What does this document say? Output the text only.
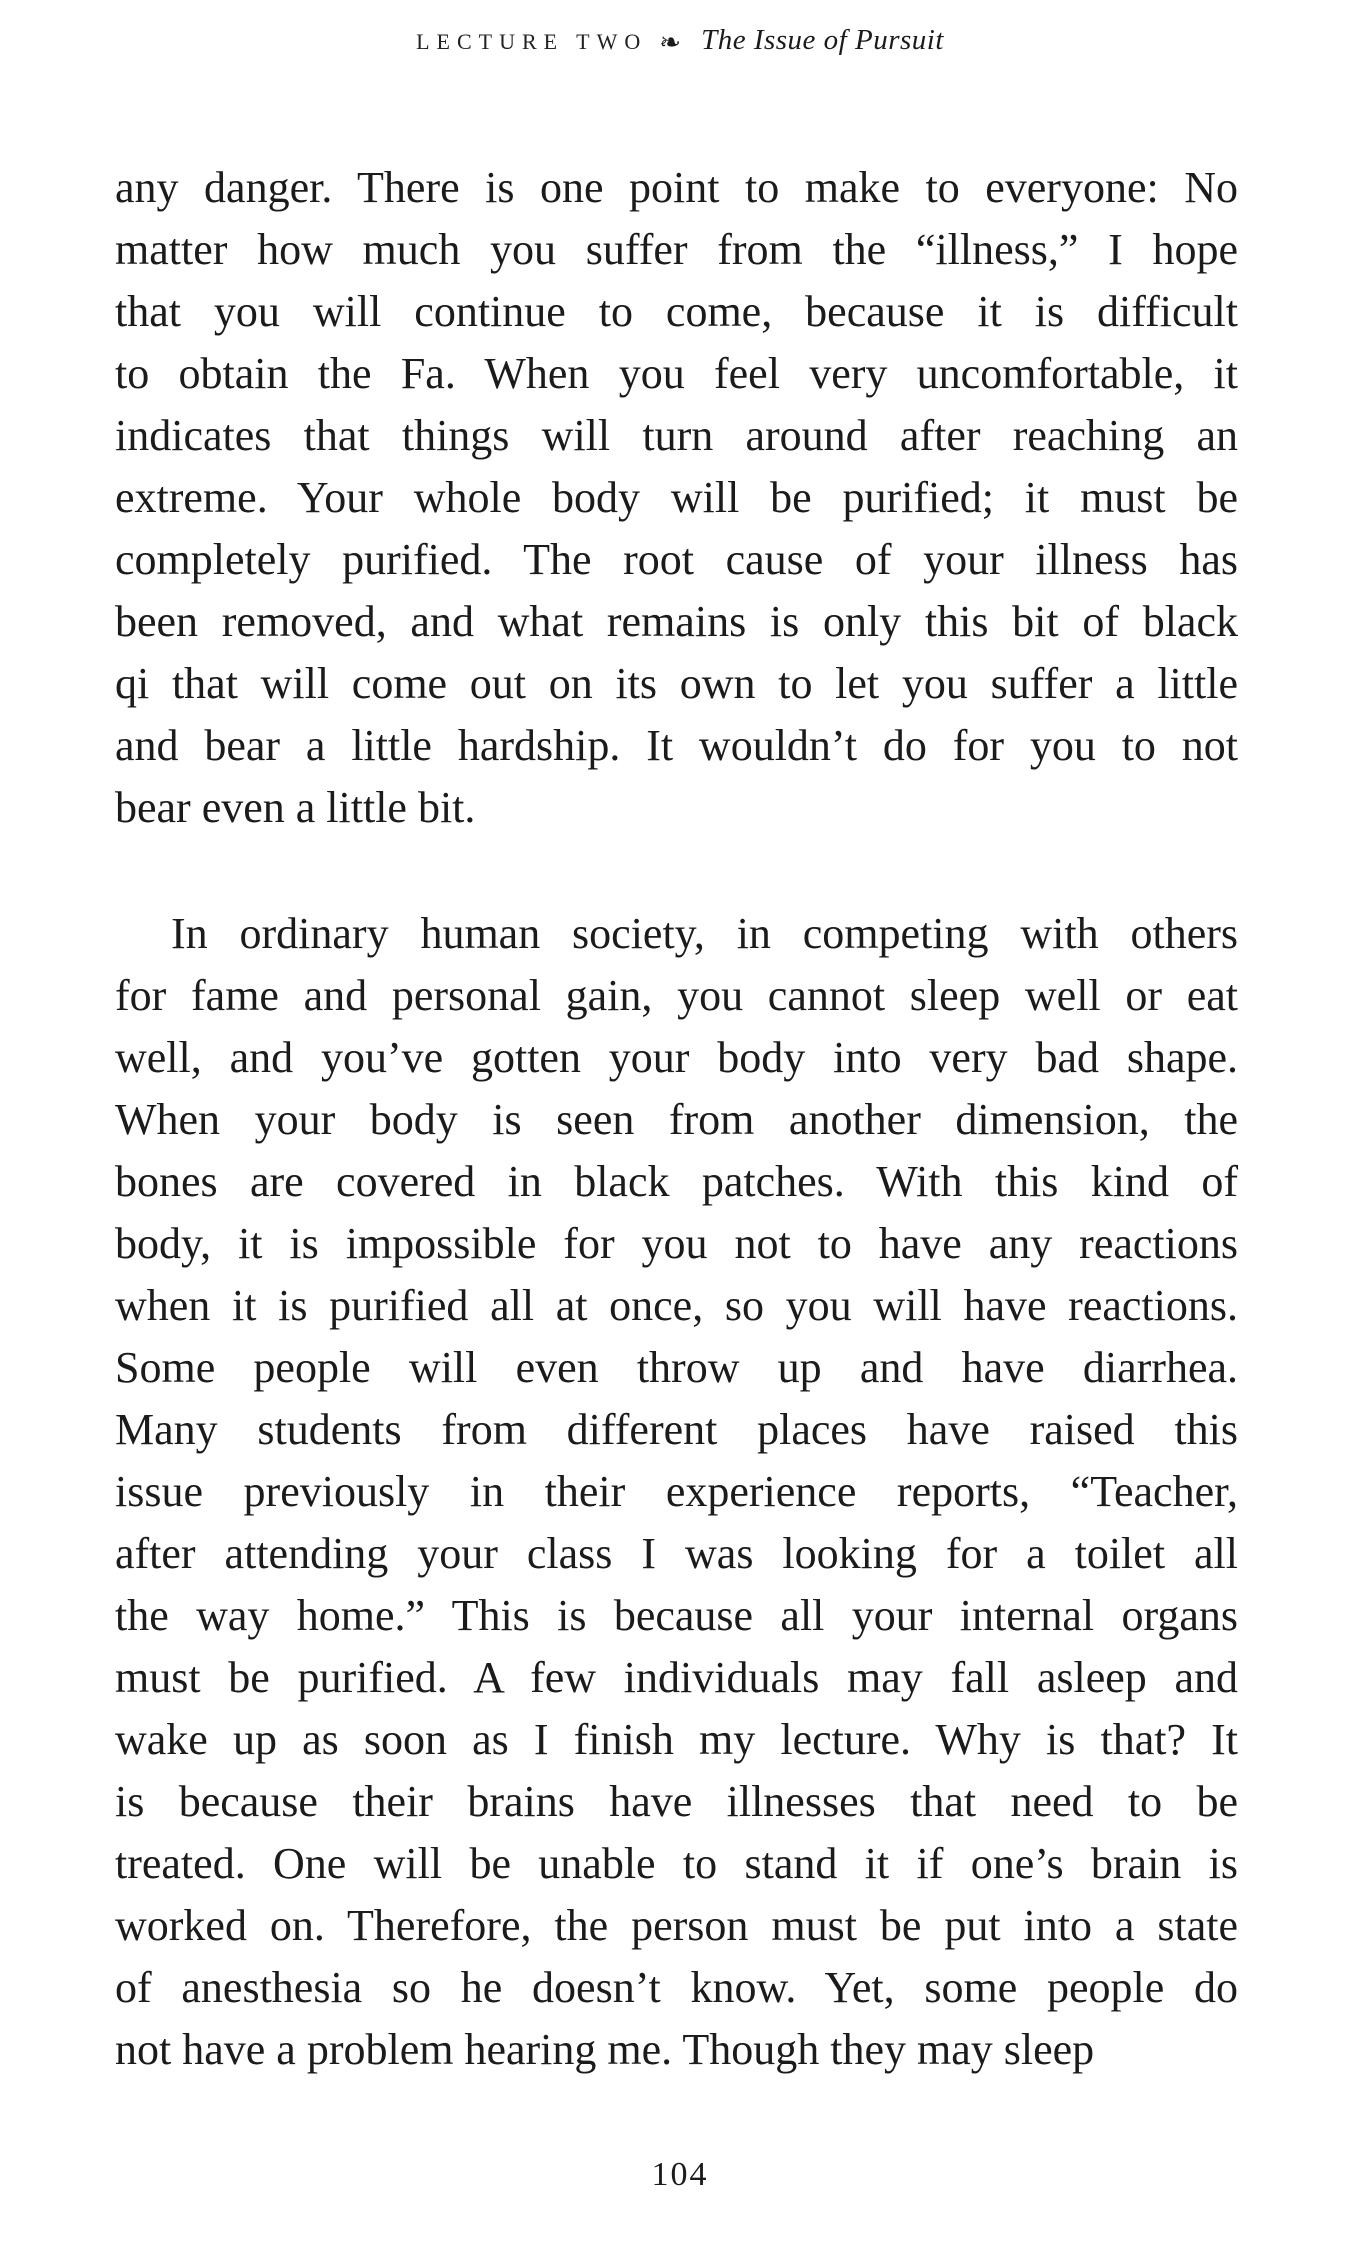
LECTURE TWO ❧ The Issue of Pursuit
any danger. There is one point to make to everyone: No
matter how much you suffer from the “illness,” I hope
that you will continue to come, because it is difficult
to obtain the Fa. When you feel very uncomfortable, it
indicates that things will turn around after reaching an
extreme. Your whole body will be purified; it must be
completely purified. The root cause of your illness has
been removed, and what remains is only this bit of black
qi that will come out on its own to let you suffer a little
and bear a little hardship. It wouldn’t do for you to not
bear even a little bit.
In ordinary human society, in competing with others
for fame and personal gain, you cannot sleep well or eat
well, and you’ve gotten your body into very bad shape.
When your body is seen from another dimension, the
bones are covered in black patches. With this kind of
body, it is impossible for you not to have any reactions
when it is purified all at once, so you will have reactions.
Some people will even throw up and have diarrhea.
Many students from different places have raised this
issue previously in their experience reports, “Teacher,
after attending your class I was looking for a toilet all
the way home.” This is because all your internal organs
must be purified. A few individuals may fall asleep and
wake up as soon as I finish my lecture. Why is that? It
is because their brains have illnesses that need to be
treated. One will be unable to stand it if one’s brain is
worked on. Therefore, the person must be put into a state
of anesthesia so he doesn’t know. Yet, some people do
not have a problem hearing me. Though they may sleep
104
